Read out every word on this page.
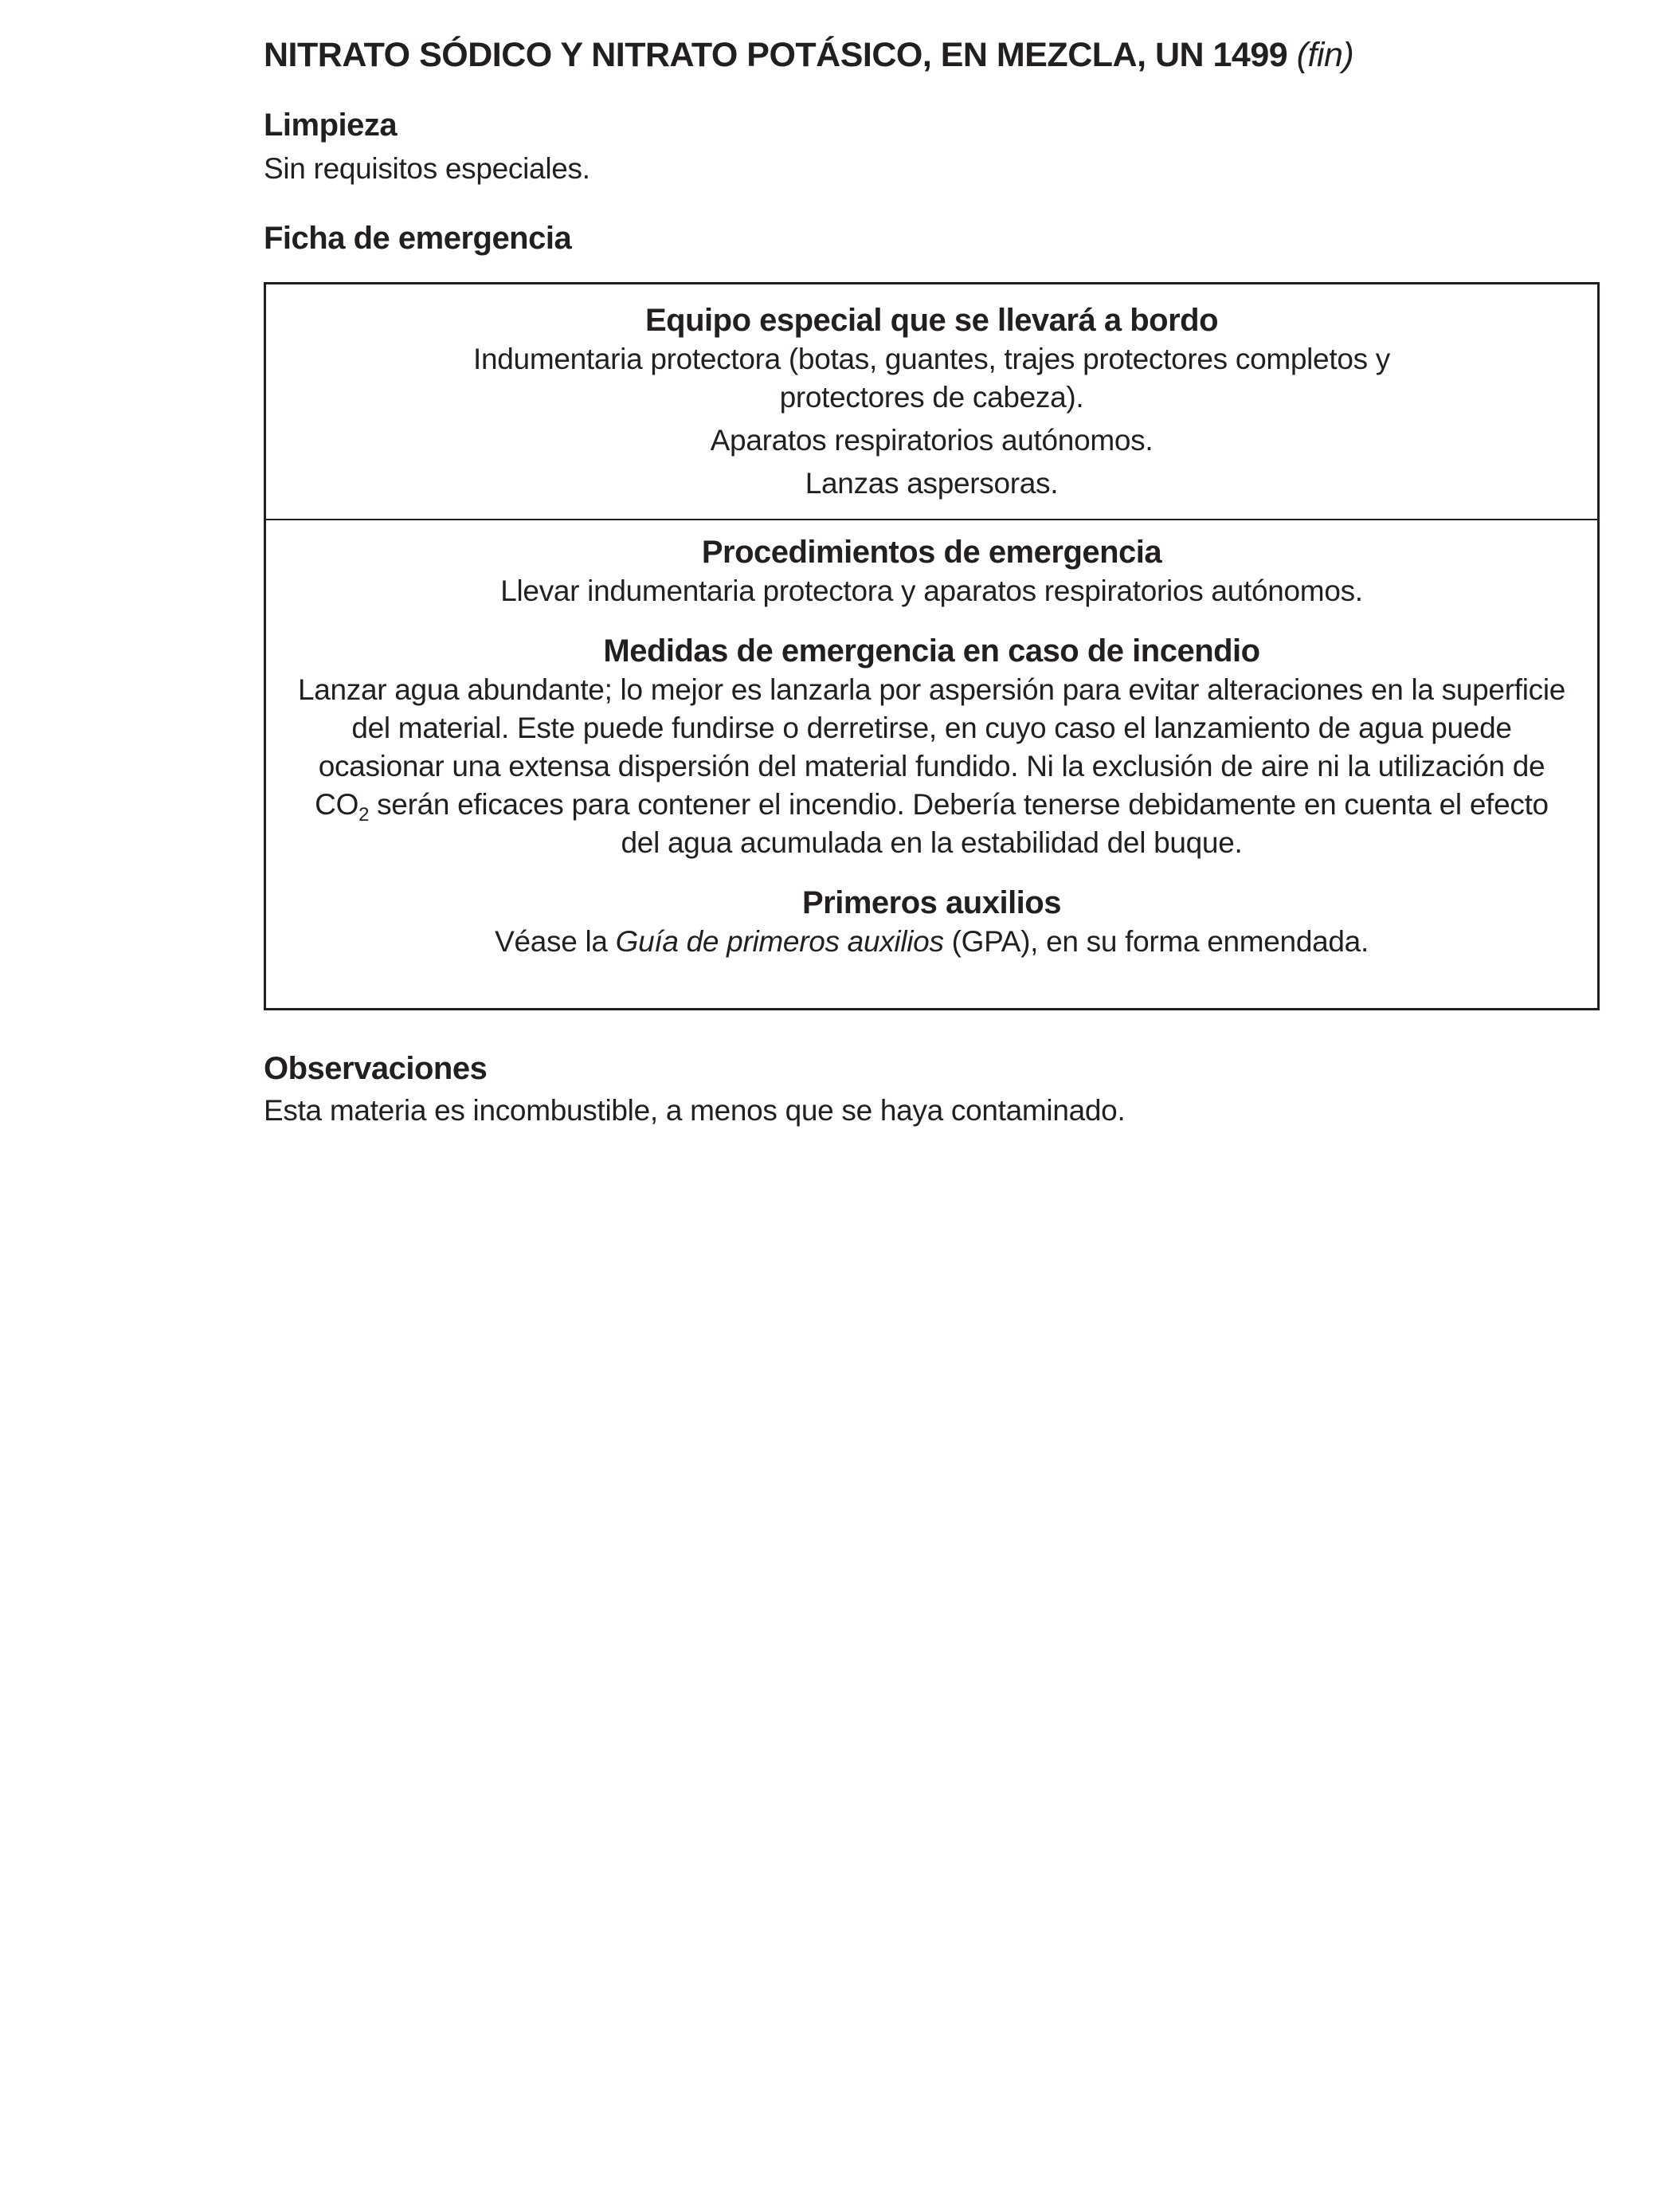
NITRATO SÓDICO Y NITRATO POTÁSICO, EN MEZCLA, UN 1499 (fin)
Limpieza
Sin requisitos especiales.
Ficha de emergencia
Equipo especial que se llevará a bordo
Indumentaria protectora (botas, guantes, trajes protectores completos y
protectores de cabeza).
Aparatos respiratorios autónomos.
Lanzas aspersoras.
Procedimientos de emergencia
Llevar indumentaria protectora y aparatos respiratorios autónomos.
Medidas de emergencia en caso de incendio
Lanzar agua abundante; lo mejor es lanzarla por aspersión para evitar alteraciones en la superficie del material. Este puede fundirse o derretirse, en cuyo caso el lanzamiento de agua puede ocasionar una extensa dispersión del material fundido. Ni la exclusión de aire ni la utilización de $CO_2$ serán eficaces para contener el incendio. Debería tenerse debidamente en cuenta el efecto del agua acumulada en la estabilidad del buque.
Primeros auxilios
Véase la Guía de primeros auxilios (GPA), en su forma enmendada.
Observaciones
Esta materia es incombustible, a menos que se haya contaminado.
